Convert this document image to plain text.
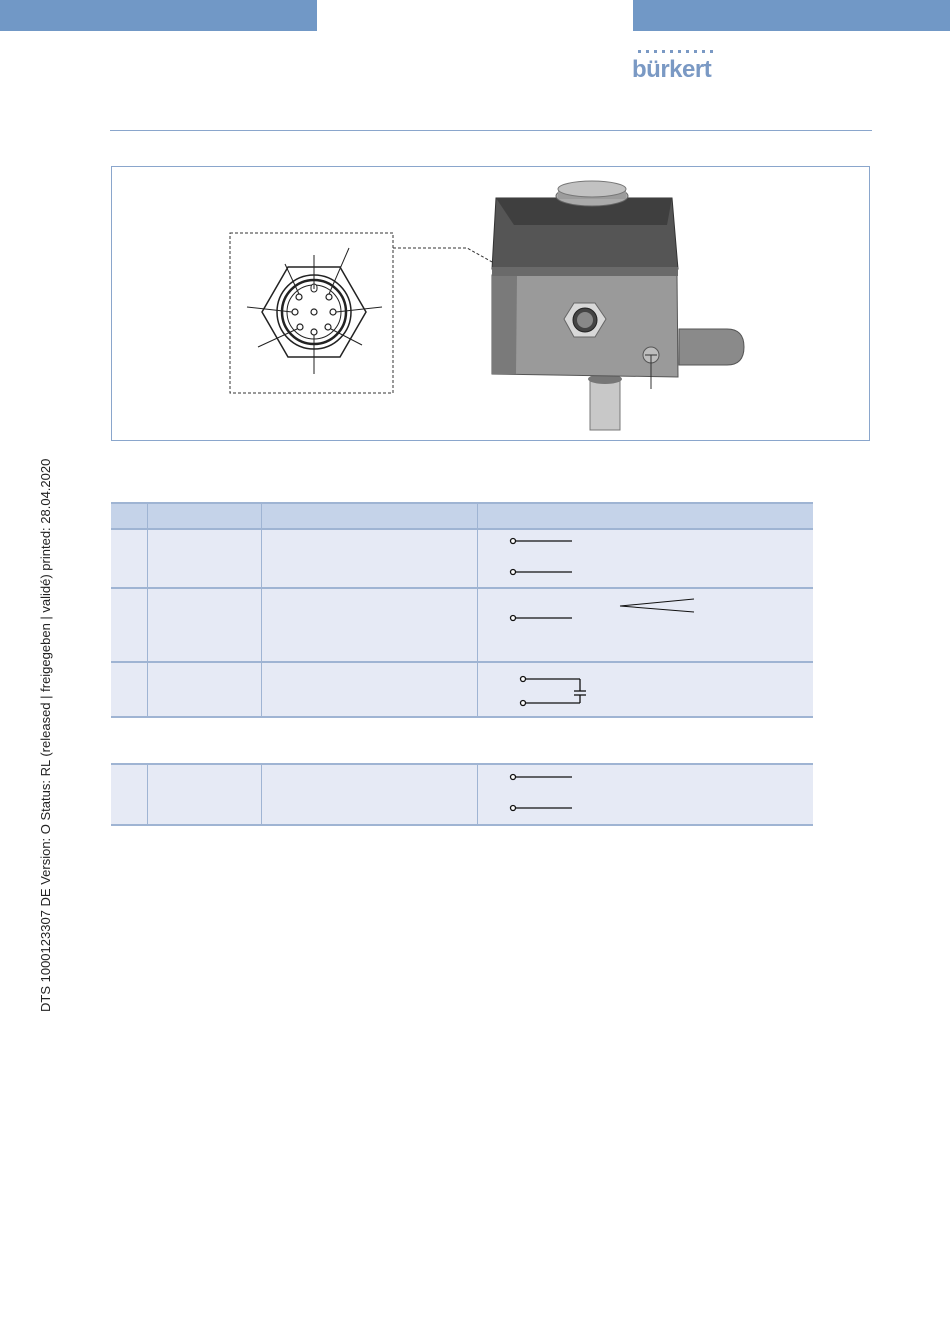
bürkert
DTS 1000123307 DE Version: O Status: RL (released | freigegeben | validé) printed: 28.04.2020
